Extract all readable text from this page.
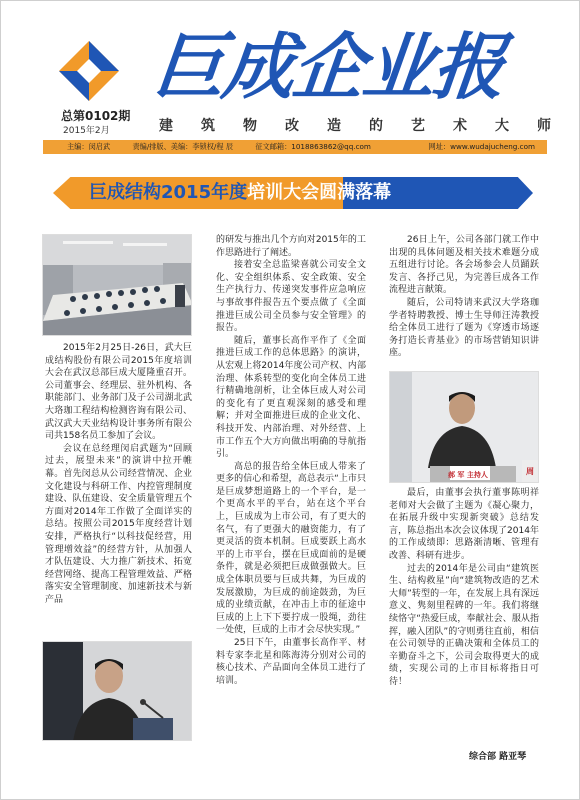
巨成企业报
总第0102期
2015年2月	建 筑 物 改 造 的 艺 术 大 师
主编：闵启武	责编/排版、美编：李锁权/程 辰	征文邮箱：1018863862@qq.com	网址：www.wudajucheng.com
巨成结构2015年度培训大会圆满落幕
郝 军 主持人	周

2015年2月25日-26日，武大巨成结构股份有限公司2015年度培训大会在武汉总部巨成大厦隆重召开。公司董事会、经理层、驻外机构、各职能部门、业务部门及子公司湖北武大珞珈工程结构检测咨询有限公司、武汉武大天业结构设计事务所有限公司共158名员工参加了会议。

会议在总经理闵启武题为“回顾过去，展望未来”的演讲中拉开帷幕。首先闵总从公司经营情况、企业文化建设与科研工作、内控管理制度建设、队伍建设、安全质量管理五个方面对2014年工作做了全面详实的总结。按照公司2015年度经营计划安排，严格执行“以科技促经营，用管理增效益”的经营方针，从加强人才队伍建设、大力推广新技术、拓宽经营网络、提高工程管理效益、严格落实安全管理制度、加速新技术与新产品

的研发与推出几个方向对2015年的工作思路进行了阐述。

接着安全总监梁喜就公司安全文化、安全组织体系、安全政策、安全生产执行力、传递突发事件应急响应与事故事件报告五个要点做了《全面推进巨成公司全员参与安全管理》的报告。

随后，董事长高作平作了《全面推进巨成工作的总体思路》的演讲，从宏观上将2014年度公司产权、内部治理、体系转型的变化向全体员工进行精确地剖析，让全体巨成人对公司的变化有了更直观深刻的感受和理解；并对全面推进巨成的企业文化、科技开发、内部治理、对外经营、上市工作五个大方向做出明确的导航指引。

高总的报告给全体巨成人带来了更多的信心和希望，高总表示“上市只是巨成梦想道路上的一个平台，是一个更高水平的平台，站在这个平台上，巨成成为上市公司，有了更大的名气，有了更强大的融资能力，有了更灵活的资本机制。巨成要跃上高水平的上市平台，摆在巨成面前的是硬条件，就是必须把巨成做强做大。巨成全体职员要与巨成共舞，为巨成的发展激励，为巨成的前途鼓劲，为巨成的业绩贡献，在冲击上市的征途中巨成的上上下下要拧成一股绳，劲往一处使，巨成的上市才会尽快实现。”

25日下午，由董事长高作平、材料专家李北星和陈海涛分别对公司的核心技术、产品面向全体员工进行了培训。

26日上午，公司各部门就工作中出现的具体问题及相关技术难题分成五组进行讨论。各会场参会人员踊跃发言、各抒己见，为完善巨成各工作流程进言献策。

随后，公司特请来武汉大学珞珈学者特聘教授、博士生导师汪涛教授给全体员工进行了题为《穿透市场逐务打造长青基业》的市场营销知识讲座。

最后，由董事会执行董事陈明祥老师对大会做了主题为《凝心聚力，在拓展升级中实现新突破》总结发言，陈总指出本次会议体现了2014年的工作成绩即：思路渐清晰、管理有改善、科研有进步。

过去的2014年是公司由“建筑医生、结构救星”向“建筑物改造的艺术大师”转型的一年，在发展上具有深远意义、隽刻里程碑的一年。我们将继续恪守“热爱巨成，奉献社会、服从指挥，融入团队”的守则勇往直前，相信在公司领导的正确决策和全体员工的辛勤奋斗之下，公司会取得更大的成绩，实现公司的上市目标将指日可待！

综合部 路亚琴
